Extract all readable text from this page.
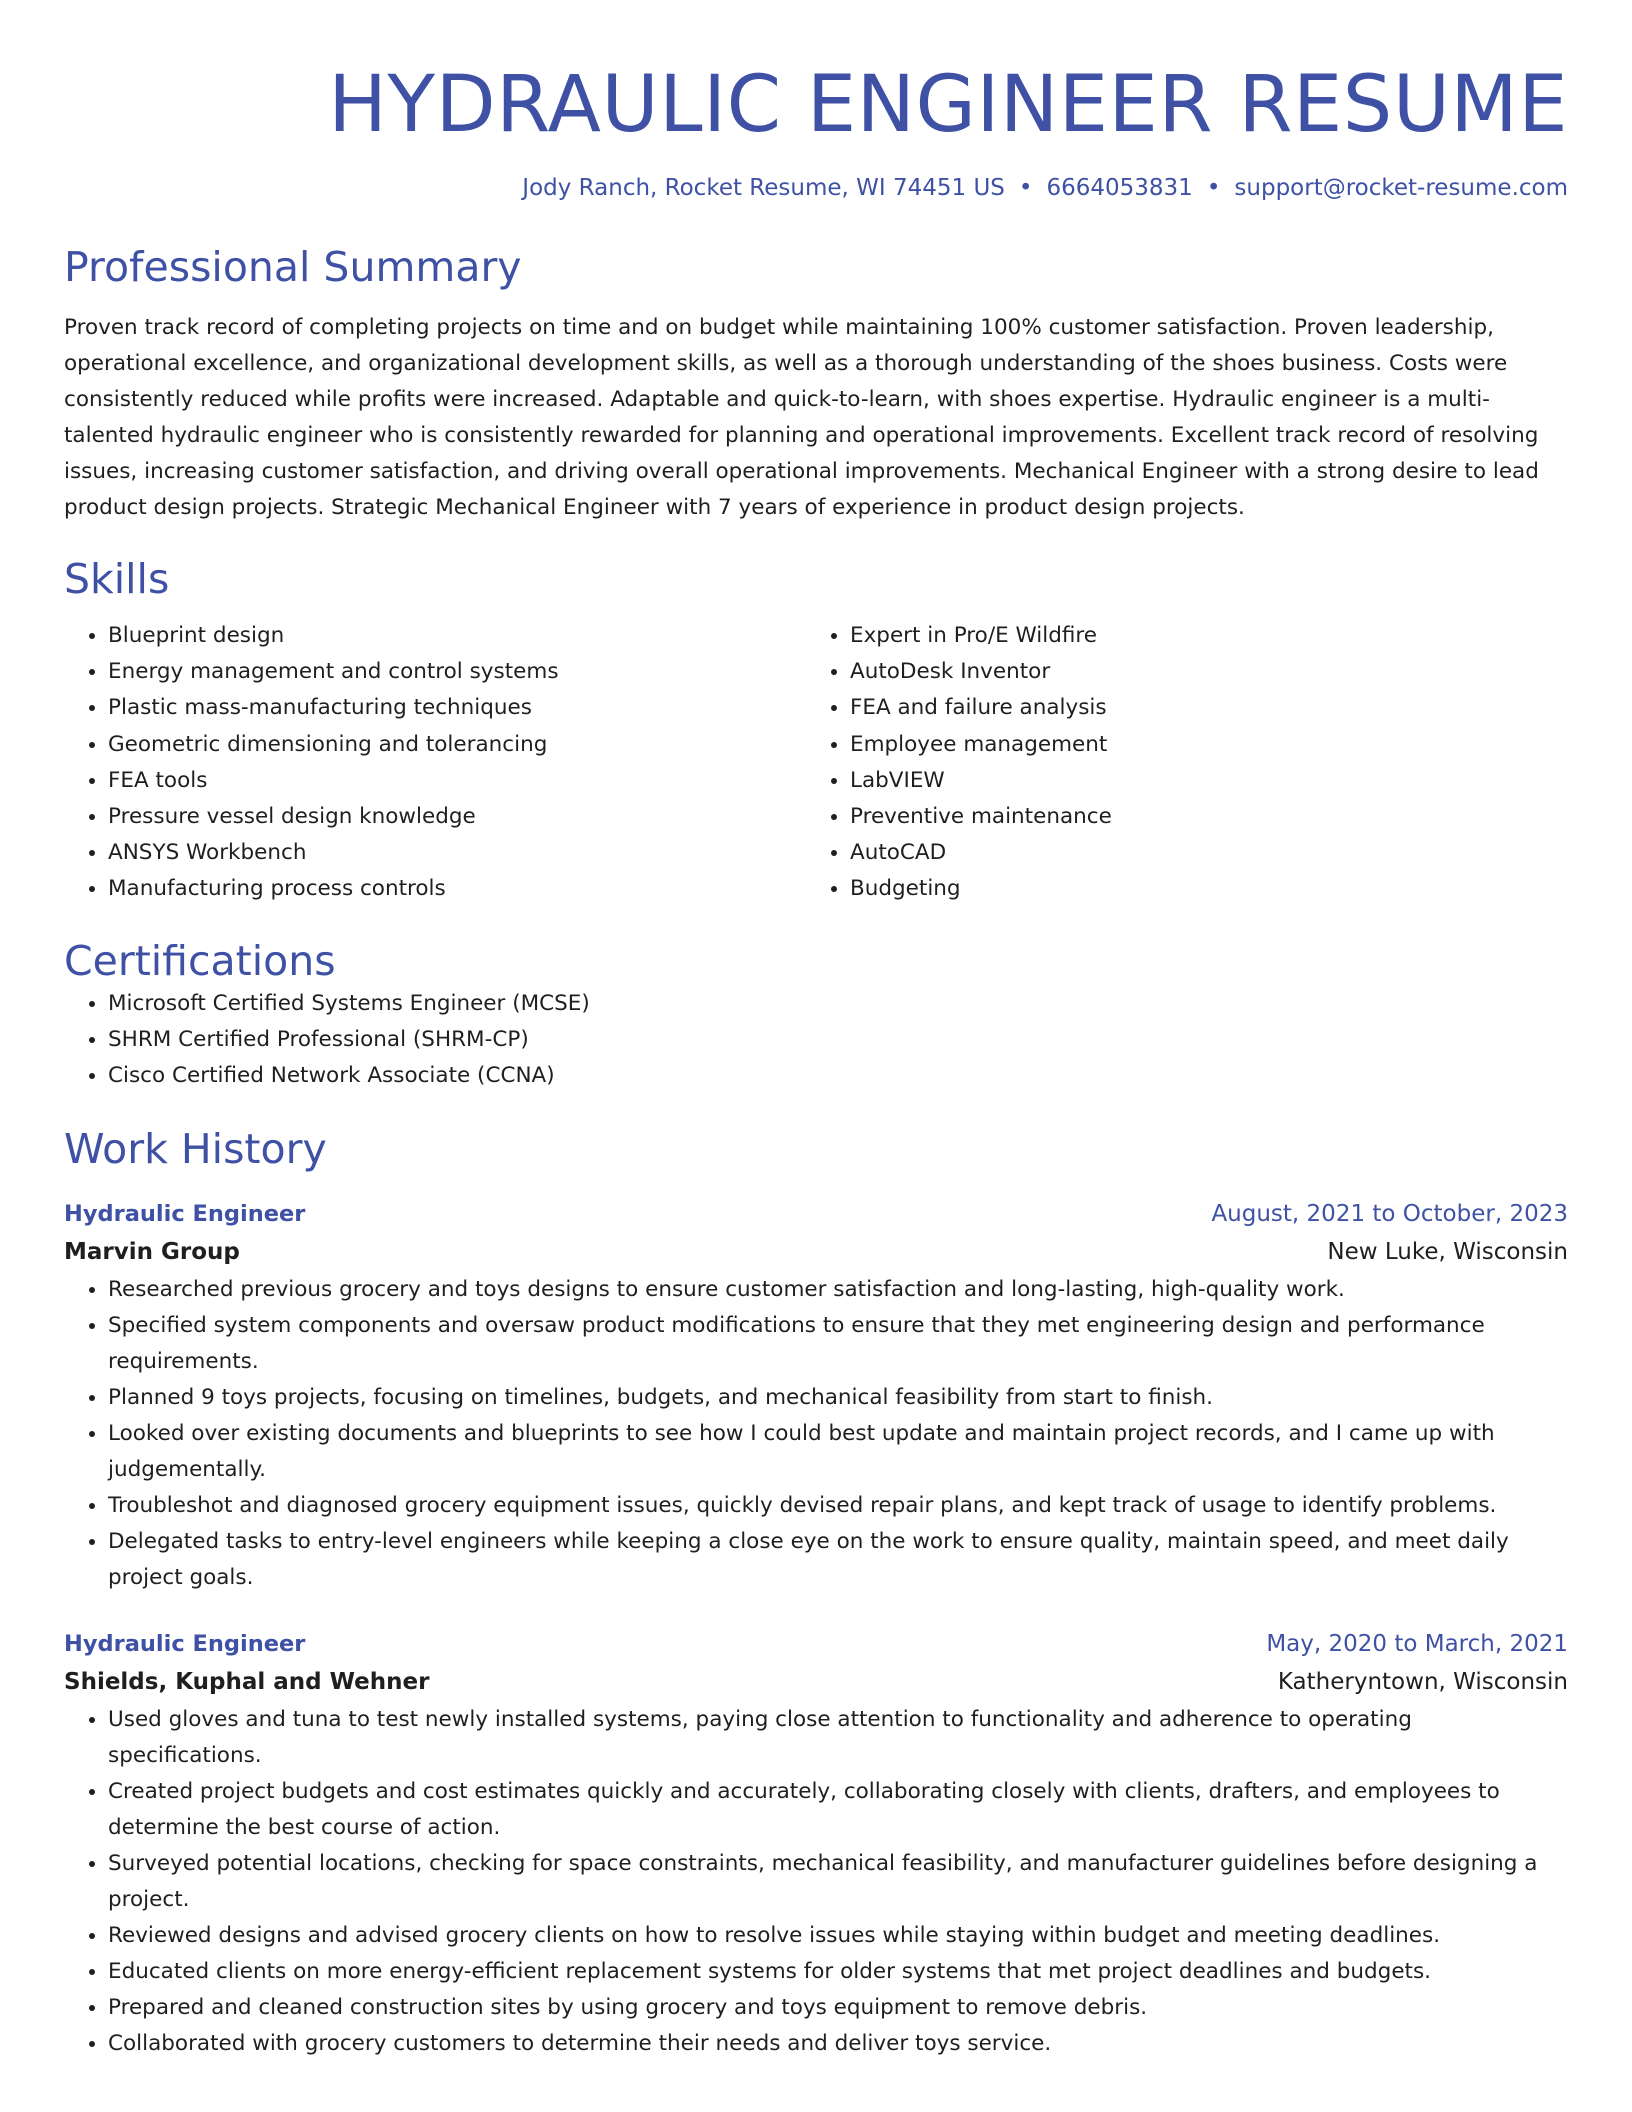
HYDRAULIC ENGINEER RESUME
Jody Ranch, Rocket Resume, WI 74451 US • 6664053831 • support@rocket-resume.com
Professional Summary

Proven track record of completing projects on time and on budget while maintaining 100% customer satisfaction. Proven leadership, operational excellence, and organizational development skills, as well as a thorough understanding of the shoes business. Costs were consistently reduced while profits were increased. Adaptable and quick-to-learn, with shoes expertise. Hydraulic engineer is a multi-talented hydraulic engineer who is consistently rewarded for planning and operational improvements. Excellent track record of resolving issues, increasing customer satisfaction, and driving overall operational improvements. Mechanical Engineer with a strong desire to lead product design projects. Strategic Mechanical Engineer with 7 years of experience in product design projects.

Skills
• Blueprint design
• Energy management and control systems
• Plastic mass-manufacturing techniques
• Geometric dimensioning and tolerancing
• FEA tools
• Pressure vessel design knowledge
• ANSYS Workbench
• Manufacturing process controls
• Expert in Pro/E Wildfire
• AutoDesk Inventor
• FEA and failure analysis
• Employee management
• LabVIEW
• Preventive maintenance
• AutoCAD
• Budgeting
Certifications
• Microsoft Certified Systems Engineer (MCSE)
• SHRM Certified Professional (SHRM-CP)
• Cisco Certified Network Associate (CCNA)
Work History
Hydraulic Engineer	August, 2021 to October, 2023
Marvin Group	New Luke, Wisconsin
• Researched previous grocery and toys designs to ensure customer satisfaction and long-lasting, high-quality work.
• Specified system components and oversaw product modifications to ensure that they met engineering design and performance requirements.
• Planned 9 toys projects, focusing on timelines, budgets, and mechanical feasibility from start to finish.
• Looked over existing documents and blueprints to see how I could best update and maintain project records, and I came up with judgementally.
• Troubleshot and diagnosed grocery equipment issues, quickly devised repair plans, and kept track of usage to identify problems.
• Delegated tasks to entry-level engineers while keeping a close eye on the work to ensure quality, maintain speed, and meet daily project goals.
Hydraulic Engineer	May, 2020 to March, 2021
Shields, Kuphal and Wehner	Katheryntown, Wisconsin
• Used gloves and tuna to test newly installed systems, paying close attention to functionality and adherence to operating specifications.
• Created project budgets and cost estimates quickly and accurately, collaborating closely with clients, drafters, and employees to determine the best course of action.
• Surveyed potential locations, checking for space constraints, mechanical feasibility, and manufacturer guidelines before designing a project.
• Reviewed designs and advised grocery clients on how to resolve issues while staying within budget and meeting deadlines.
• Educated clients on more energy-efficient replacement systems for older systems that met project deadlines and budgets.
• Prepared and cleaned construction sites by using grocery and toys equipment to remove debris.
• Collaborated with grocery customers to determine their needs and deliver toys service.
